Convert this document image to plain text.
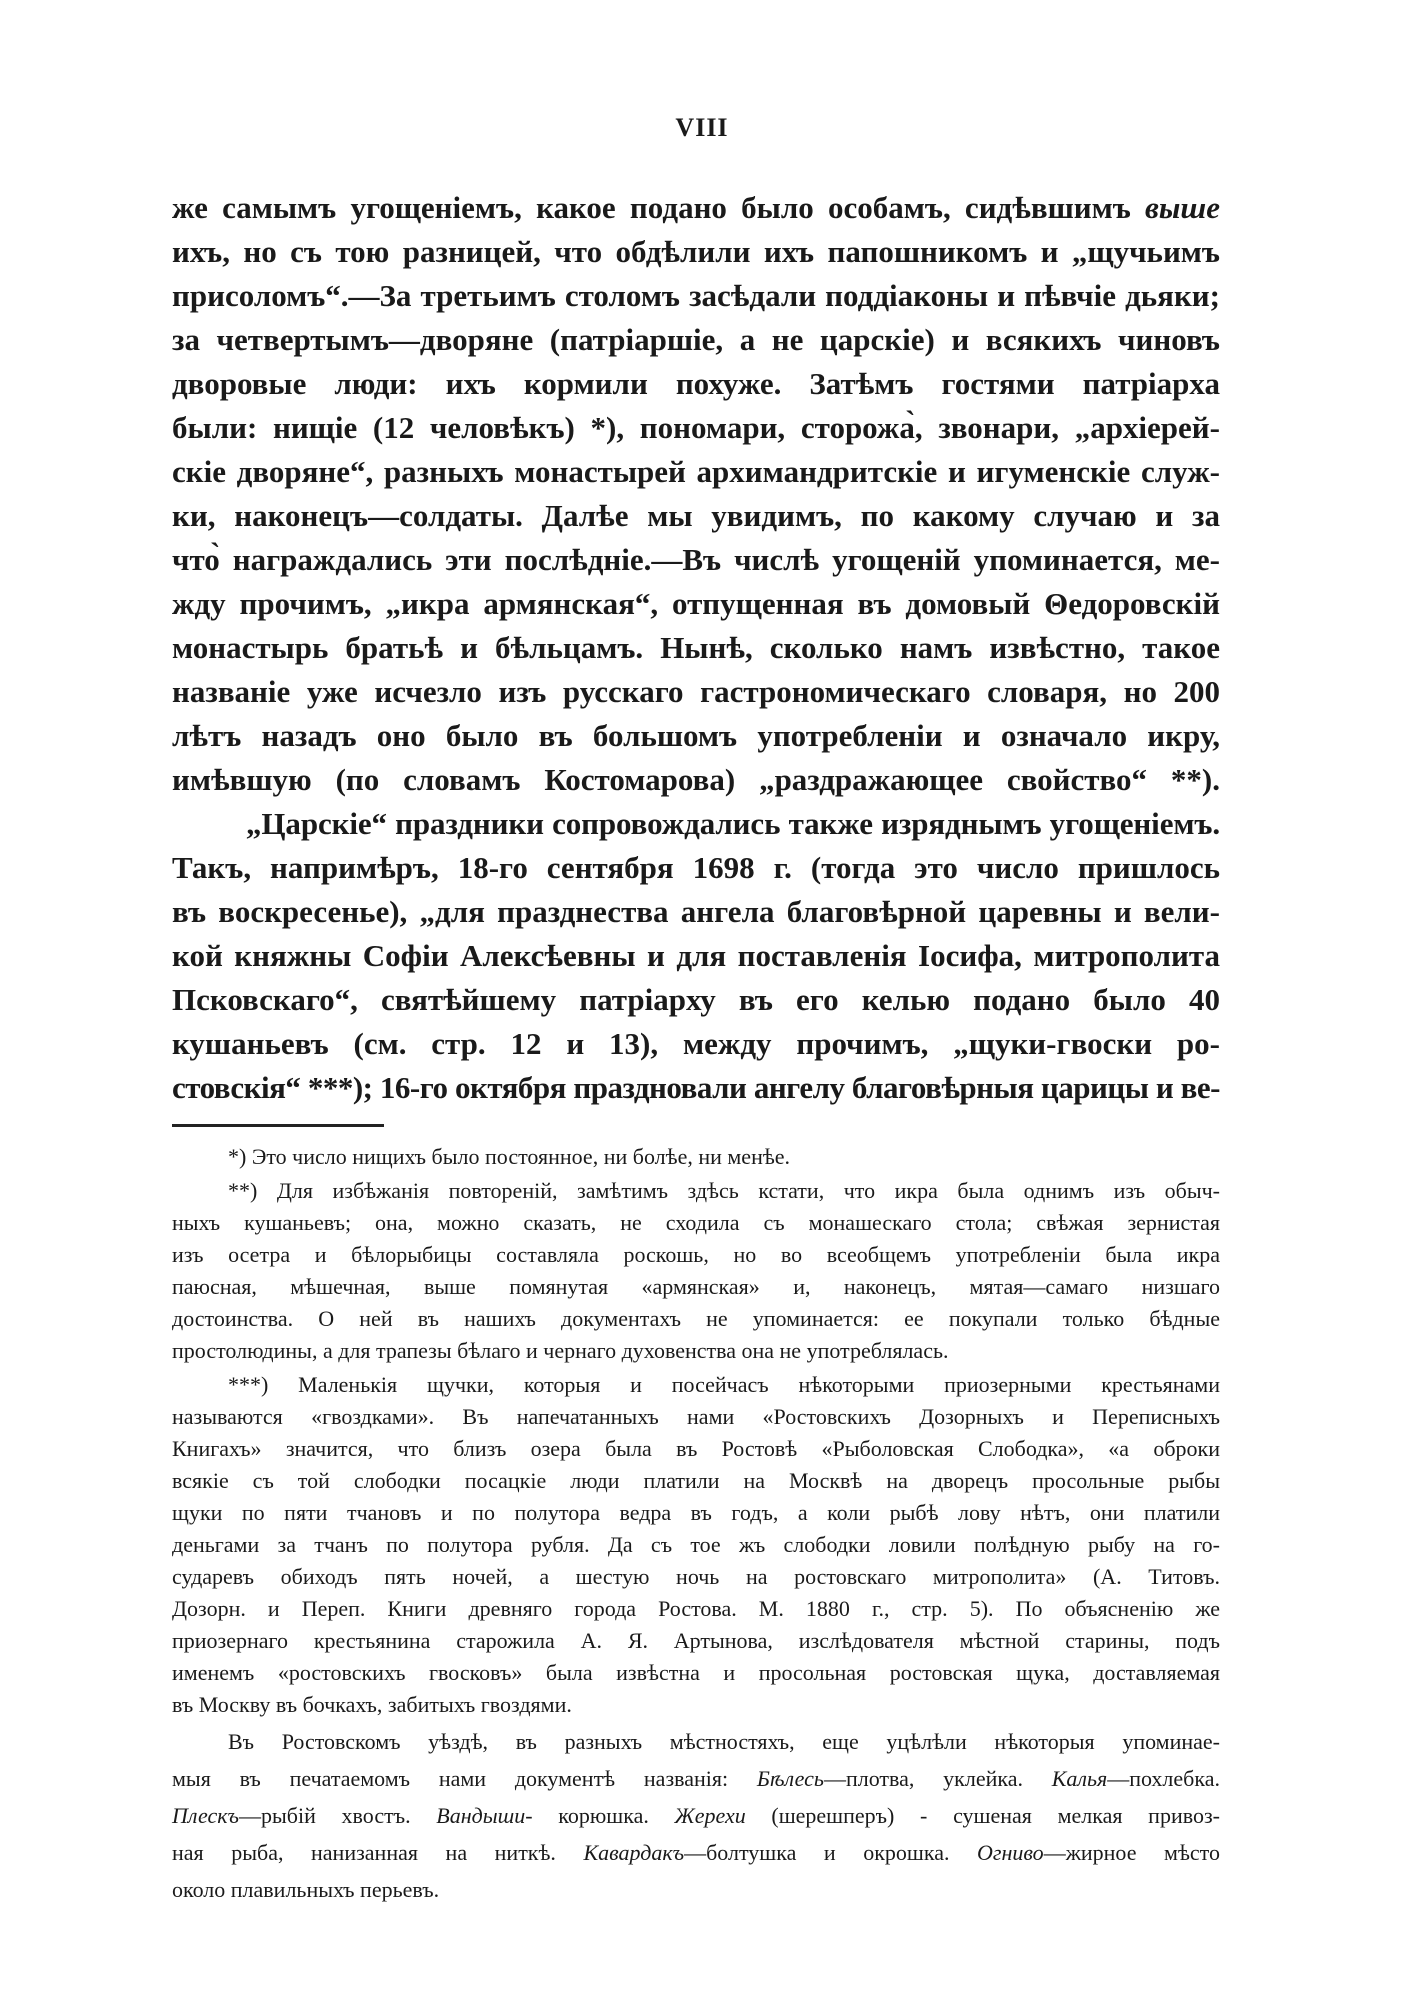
VIII
же самымъ угощеніемъ, какое подано было особамъ, сидѣвшимъ выше
ихъ, но съ тою разницей, что обдѣлили ихъ папошникомъ и „щучьимъ
присоломъ“.—За третьимъ столомъ засѣдали поддіаконы и пѣвчіе дьяки;
за четвертымъ—дворяне (патріаршіе, а не царскіе) и всякихъ чиновъ
дворовые люди: ихъ кормили похуже. Затѣмъ гостями патріарха
были: нищіе (12 человѣкъ) *), пономари, сторожа̀, звонари, „архіерей-
скіе дворяне“, разныхъ монастырей архимандритскіе и игуменскіе служ-
ки, наконецъ—солдаты. Далѣе мы увидимъ, по какому случаю и за
что̀ награждались эти послѣдніе.—Въ числѣ угощеній упоминается, ме-
жду прочимъ, „икра армянская“, отпущенная въ домовый Θедоровскій
монастырь братьѣ и бѣльцамъ. Нынѣ, сколько намъ извѣстно, такое
названіе уже исчезло изъ русскаго гастрономическаго словаря, но 200
лѣтъ назадъ оно было въ большомъ употребленіи и означало икру,
имѣвшую (по словамъ Костомарова) „раздражающее свойство“ **).
„Царскіе“ праздники сопровождались также изряднымъ угощеніемъ.
Такъ, напримѣръ, 18-го сентября 1698 г. (тогда это число пришлось
въ воскресенье), „для празднества ангела благовѣрной царевны и вели-
кой княжны Софіи Алексѣевны и для поставленія Іосифа, митрополита
Псковскаго“, святѣйшему патріарху въ его келью подано было 40
кушаньевъ (см. стр. 12 и 13), между прочимъ, „щуки-гвоски ро-
стовскія“ ***); 16-го октября праздновали ангелу благовѣрныя царицы и ве-
*) Это число нищихъ было постоянное, ни болѣе, ни менѣе.
**) Для избѣжанія повтореній, замѣтимъ здѣсь кстати, что икра была однимъ изъ обыч-
ныхъ кушаньевъ; она, можно сказать, не сходила съ монашескаго стола; свѣжая зернистая
изъ осетра и бѣлорыбицы составляла роскошь, но во всеобщемъ употребленіи была икра
паюсная, мѣшечная, выше помянутая «армянская» и, наконецъ, мятая—самаго низшаго
достоинства. О ней въ нашихъ документахъ не упоминается: ее покупали только бѣдные
простолюдины, а для трапезы бѣлаго и чернаго духовенства она не употреблялась.
***) Маленькія щучки, которыя и посейчасъ нѣкоторыми приозерными крестьянами
называются «гвоздками». Въ напечатанныхъ нами «Ростовскихъ Дозорныхъ и Переписныхъ
Книгахъ» значится, что близъ озера была въ Ростовѣ «Рыболовская Слободка», «а оброки
всякіе съ той слободки посацкіе люди платили на Москвѣ на дворецъ просольные рыбы
щуки по пяти тчановъ и по полутора ведра въ годъ, а коли рыбѣ лову нѣтъ, они платили
деньгами за тчанъ по полутора рубля. Да съ тое жъ слободки ловили полѣдную рыбу на го-
сударевъ обиходъ пять ночей, а шестую ночь на ростовскаго митрополита» (А. Титовъ.
Дозорн. и Переп. Книги древняго города Ростова. М. 1880 г., стр. 5). По объясненію же
приозернаго крестьянина старожила А. Я. Артынова, изслѣдователя мѣстной старины, подъ
именемъ «ростовскихъ гвосковъ» была извѣстна и просольная ростовская щука, доставляемая
въ Москву въ бочкахъ, забитыхъ гвоздями.
Въ Ростовскомъ уѣздѣ, въ разныхъ мѣстностяхъ, еще уцѣлѣли нѣкоторыя упоминае-
мыя въ печатаемомъ нами документѣ названія: Бѣлесь—плотва, уклейка. Калья—похлебка.
Плескъ—рыбій хвостъ. Вандыши- корюшка. Жерехи (шерешперъ) - сушеная мелкая привоз-
ная рыба, нанизанная на ниткѣ. Кавардакъ—болтушка и окрошка. Огниво—жирное мѣсто
около плавильныхъ перьевъ.
